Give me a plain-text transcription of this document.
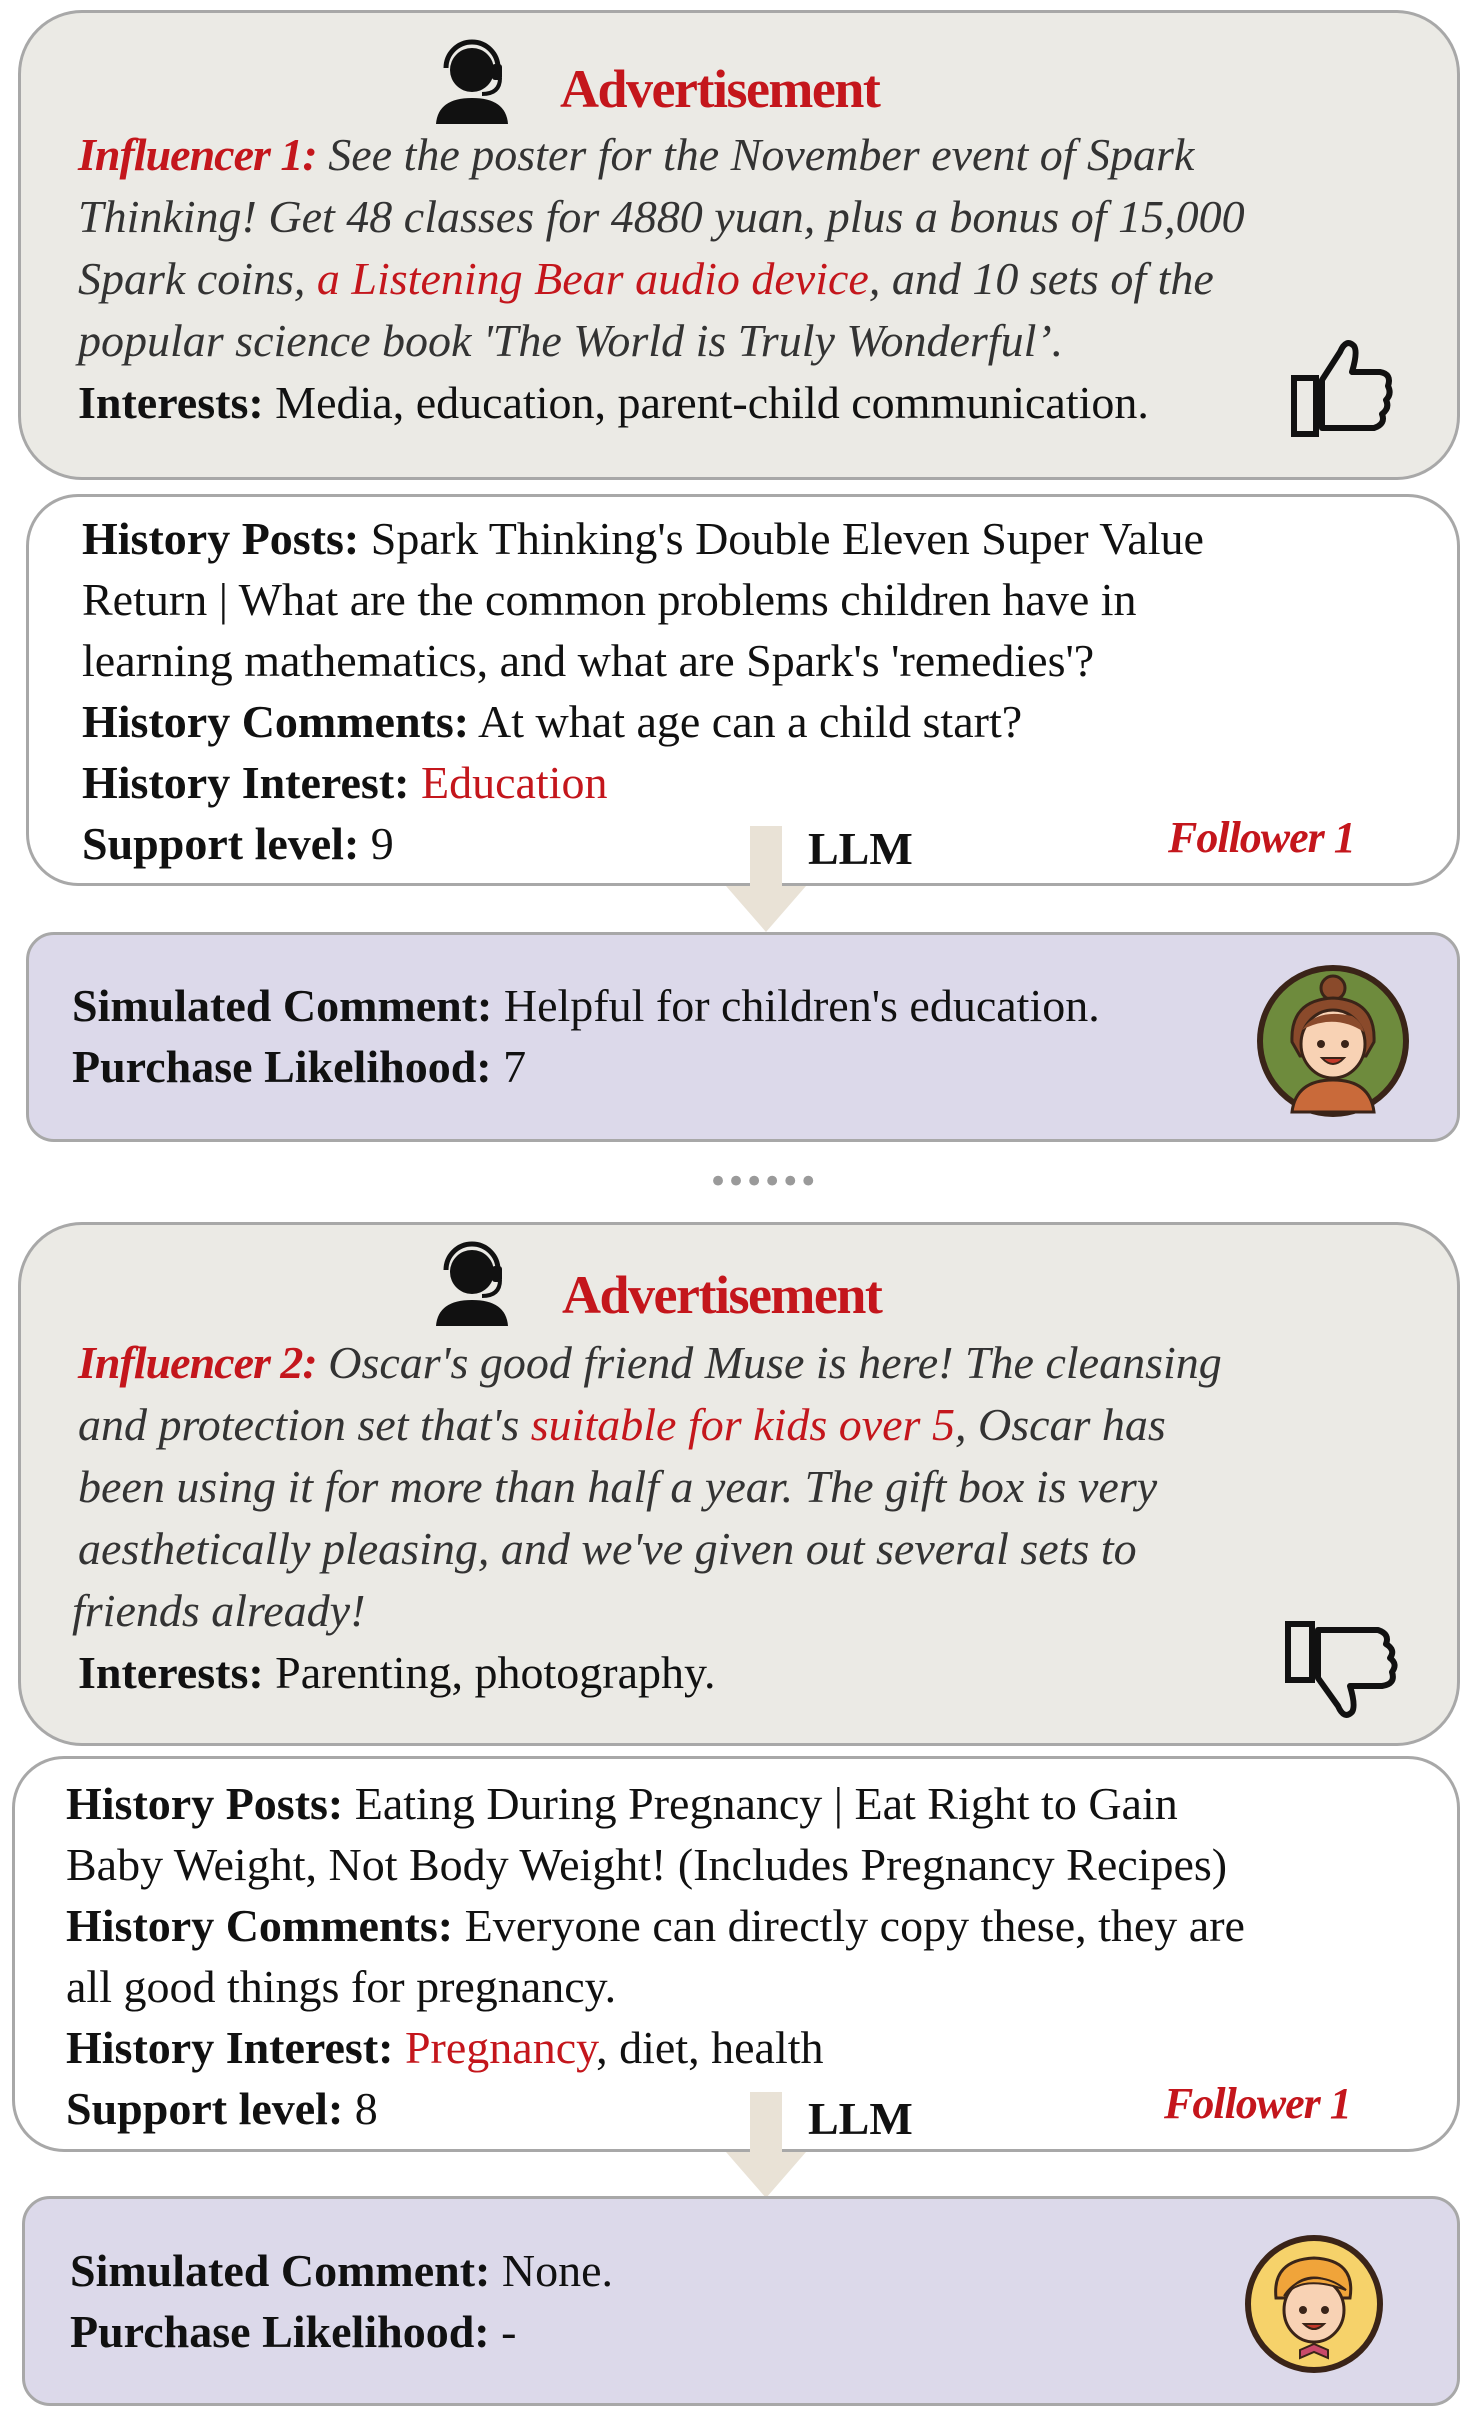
Advertisement
Influencer 1: See the poster for the November event of Spark
Thinking! Get 48 classes for 4880 yuan, plus a bonus of 15,000
Spark coins, a Listening Bear audio device, and 10 sets of the
popular science book 'The World is Truly Wonderful’.
Interests: Media, education, parent-child communication.
History Posts: Spark Thinking's Double Eleven Super Value
Return | What are the common problems children have in
learning mathematics, and what are Spark's 'remedies'?
History Comments: At what age can a child start?
History Interest: Education
Support level: 9	Follower 1
LLM
Simulated Comment: Helpful for children's education.
Purchase Likelihood: 7
••••••
Advertisement
Influencer 2: Oscar's good friend Muse is here! The cleansing
and protection set that's suitable for kids over 5, Oscar has
been using it for more than half a year. The gift box is very
aesthetically pleasing, and we've given out several sets to
friends already!
Interests: Parenting, photography.
History Posts: Eating During Pregnancy | Eat Right to Gain
Baby Weight, Not Body Weight! (Includes Pregnancy Recipes)
History Comments: Everyone can directly copy these, they are
all good things for pregnancy.
History Interest: Pregnancy, diet, health
Support level: 8	Follower 1
LLM
Simulated Comment: None.
Purchase Likelihood: -
